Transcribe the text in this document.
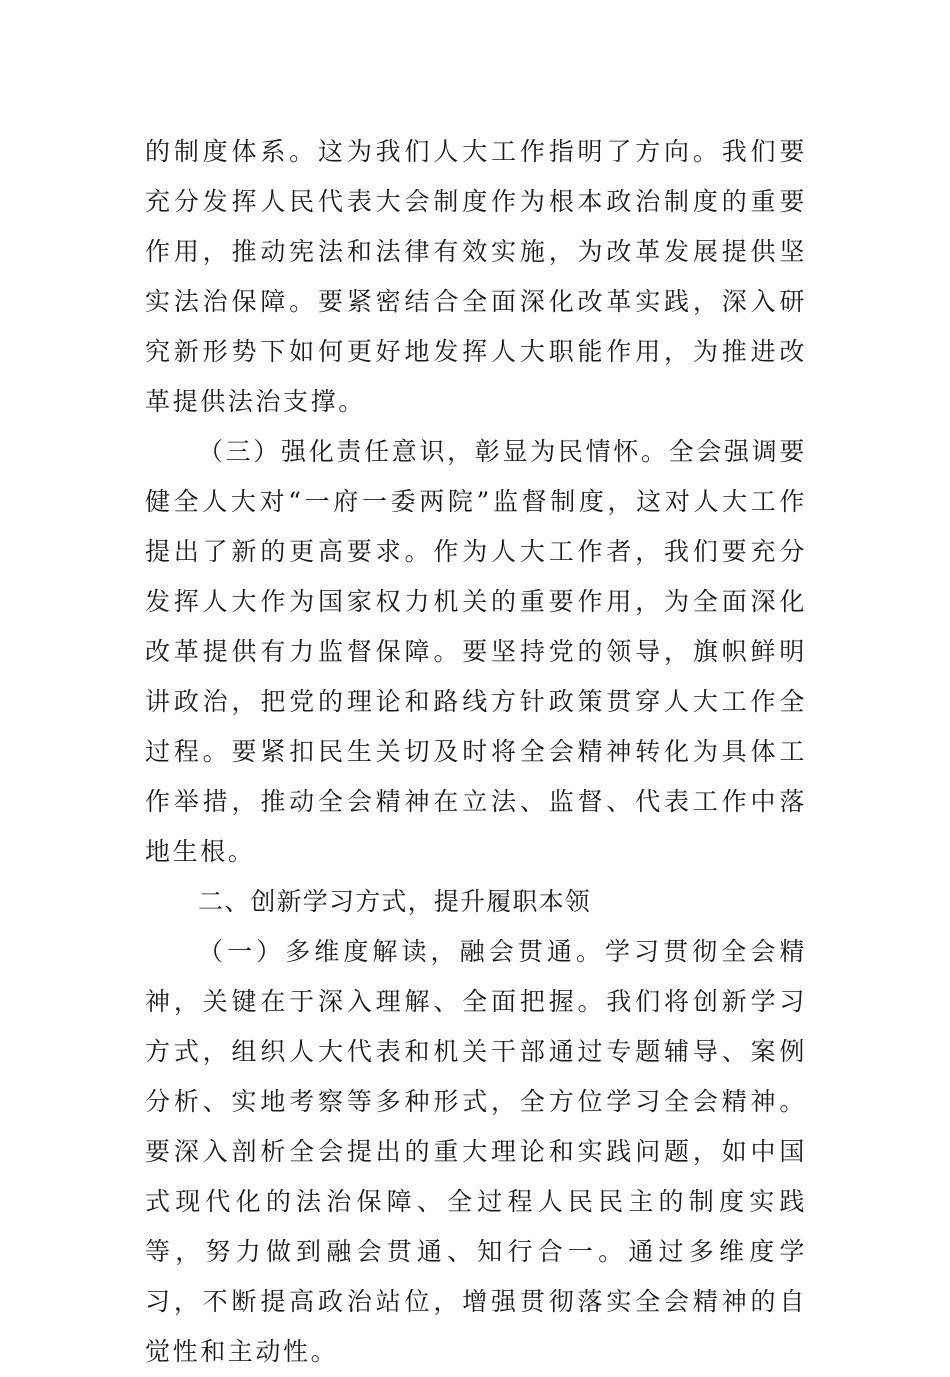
的制度体系。这为我们人大工作指明了方向。我们要充分发挥人民代表大会制度作为根本政治制度的重要作用，推动宪法和法律有效实施，为改革发展提供坚实法治保障。要紧密结合全面深化改革实践，深入研究新形势下如何更好地发挥人大职能作用，为推进改革提供法治支撑。

（三）强化责任意识，彰显为民情怀。全会强调要健全人大对“一府一委两院”监督制度，这对人大工作提出了新的更高要求。作为人大工作者，我们要充分发挥人大作为国家权力机关的重要作用，为全面深化改革提供有力监督保障。要坚持党的领导，旗帜鲜明讲政治，把党的理论和路线方针政策贯穿人大工作全过程。要紧扣民生关切及时将全会精神转化为具体工作举措，推动全会精神在立法、监督、代表工作中落地生根。

二、创新学习方式，提升履职本领

（一）多维度解读，融会贯通。学习贯彻全会精神，关键在于深入理解、全面把握。我们将创新学习方式，组织人大代表和机关干部通过专题辅导、案例分析、实地考察等多种形式，全方位学习全会精神。要深入剖析全会提出的重大理论和实践问题，如中国式现代化的法治保障、全过程人民民主的制度实践等，努力做到融会贯通、知行合一。通过多维度学习，不断提高政治站位，增强贯彻落实全会精神的自觉性和主动性。
